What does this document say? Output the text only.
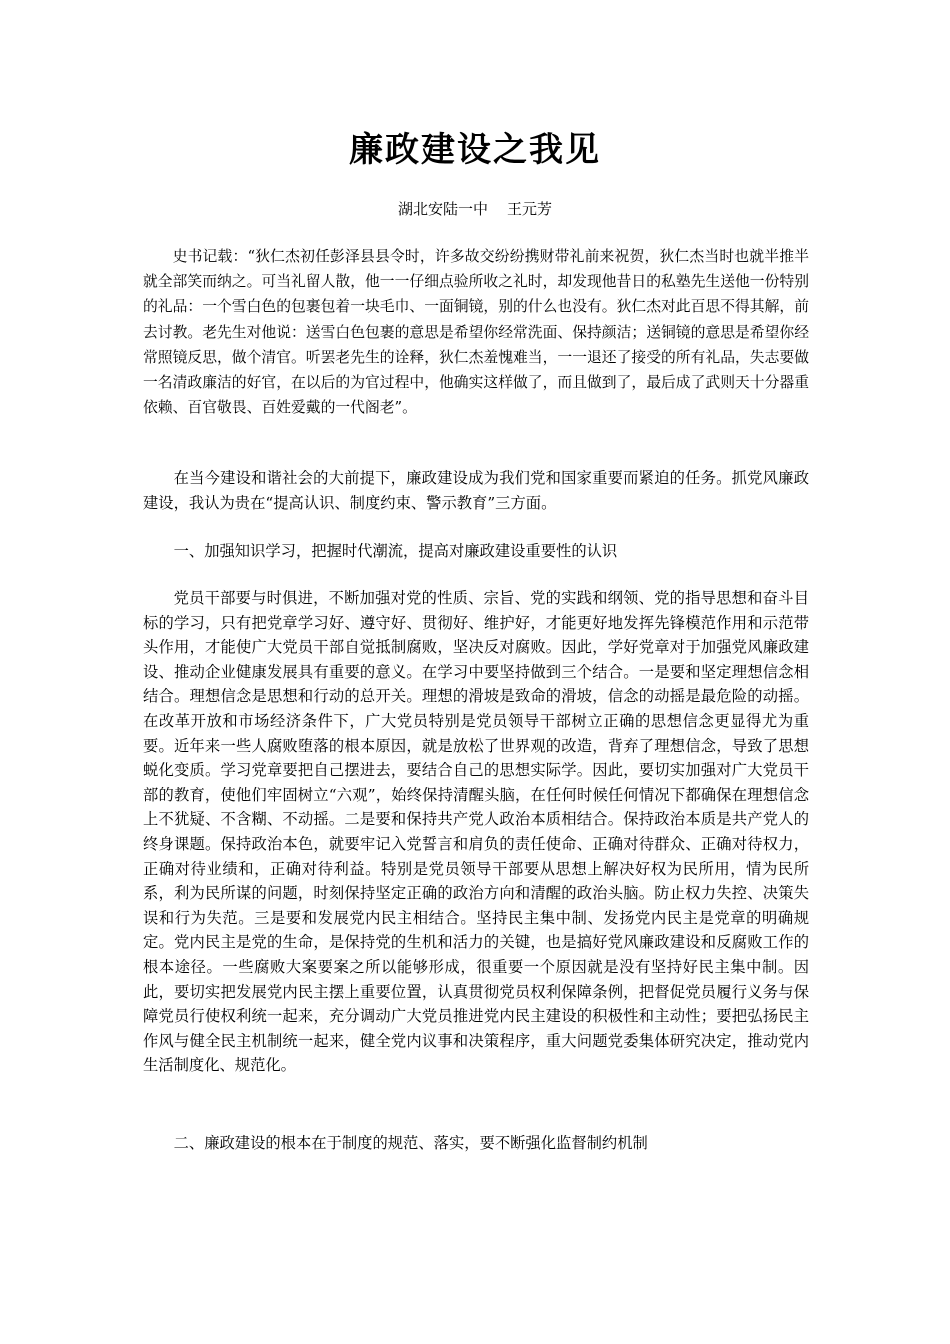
廉政建设之我见
湖北安陆一中    王元芳

史书记载：“狄仁杰初任彭泽县县令时，许多故交纷纷携财带礼前来祝贺，狄仁杰当时也就半推半就全部笑而纳之。可当礼留人散，他一一仔细点验所收之礼时，却发现他昔日的私塾先生送他一份特别的礼品：一个雪白色的包裹包着一块毛巾、一面铜镜，别的什么也没有。狄仁杰对此百思不得其解，前去讨教。老先生对他说：送雪白色包裹的意思是希望你经常洗面、保持颜洁；送铜镜的意思是希望你经常照镜反思，做个清官。听罢老先生的诠释，狄仁杰羞愧难当，一一退还了接受的所有礼品，失志要做一名清政廉洁的好官，在以后的为官过程中，他确实这样做了，而且做到了，最后成了武则天十分器重依赖、百官敬畏、百姓爱戴的一代阁老”。

在当今建设和谐社会的大前提下，廉政建设成为我们党和国家重要而紧迫的任务。抓党风廉政建设，我认为贵在“提高认识、制度约束、警示教育”三方面。

一、加强知识学习，把握时代潮流，提高对廉政建设重要性的认识

党员干部要与时俱进，不断加强对党的性质、宗旨、党的实践和纲领、党的指导思想和奋斗目标的学习，只有把党章学习好、遵守好、贯彻好、维护好，才能更好地发挥先锋模范作用和示范带头作用，才能使广大党员干部自觉抵制腐败，坚决反对腐败。因此，学好党章对于加强党风廉政建设、推动企业健康发展具有重要的意义。在学习中要坚持做到三个结合。一是要和坚定理想信念相结合。理想信念是思想和行动的总开关。理想的滑坡是致命的滑坡，信念的动摇是最危险的动摇。在改革开放和市场经济条件下，广大党员特别是党员领导干部树立正确的思想信念更显得尤为重要。近年来一些人腐败堕落的根本原因，就是放松了世界观的改造，背弃了理想信念，导致了思想蜕化变质。学习党章要把自己摆进去，要结合自己的思想实际学。因此，要切实加强对广大党员干部的教育，使他们牢固树立“六观”，始终保持清醒头脑，在任何时候任何情况下都确保在理想信念上不犹疑、不含糊、不动摇。二是要和保持共产党人政治本质相结合。保持政治本质是共产党人的终身课题。保持政治本色，就要牢记入党誓言和肩负的责任使命、正确对待群众、正确对待权力，正确对待业绩和，正确对待利益。特别是党员领导干部要从思想上解决好权为民所用，情为民所系，利为民所谋的问题，时刻保持坚定正确的政治方向和清醒的政治头脑。防止权力失控、决策失误和行为失范。三是要和发展党内民主相结合。坚持民主集中制、发扬党内民主是党章的明确规定。党内民主是党的生命，是保持党的生机和活力的关键，也是搞好党风廉政建设和反腐败工作的根本途径。一些腐败大案要案之所以能够形成，很重要一个原因就是没有坚持好民主集中制。因此，要切实把发展党内民主摆上重要位置，认真贯彻党员权利保障条例，把督促党员履行义务与保障党员行使权利统一起来，充分调动广大党员推进党内民主建设的积极性和主动性；要把弘扬民主作风与健全民主机制统一起来，健全党内议事和决策程序，重大问题党委集体研究决定，推动党内生活制度化、规范化。

二、廉政建设的根本在于制度的规范、落实，要不断强化监督制约机制
